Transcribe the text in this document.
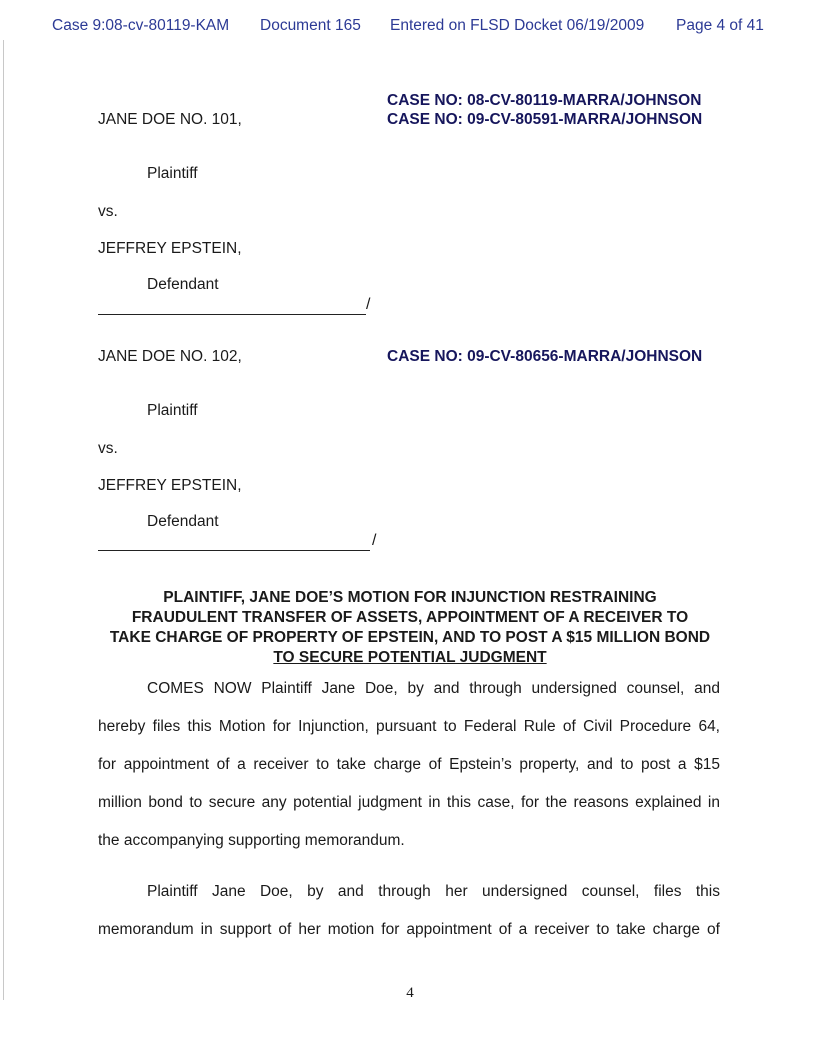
Case 9:08-cv-80119-KAM Document 165 Entered on FLSD Docket 06/19/2009 Page 4 of 41
CASE NO: 08-CV-80119-MARRA/JOHNSON
JANE DOE NO. 101,	CASE NO: 09-CV-80591-MARRA/JOHNSON
Plaintiff
vs.
JEFFREY EPSTEIN,
Defendant
/
JANE DOE NO. 102,	CASE NO: 09-CV-80656-MARRA/JOHNSON
Plaintiff
vs.
JEFFREY EPSTEIN,
Defendant
/
PLAINTIFF, JANE DOE’S MOTION FOR INJUNCTION RESTRAINING
FRAUDULENT TRANSFER OF ASSETS, APPOINTMENT OF A RECEIVER TO
TAKE CHARGE OF PROPERTY OF EPSTEIN, AND TO POST A $15 MILLION BOND
TO SECURE POTENTIAL JUDGMENT
COMES NOW Plaintiff Jane Doe, by and through undersigned counsel, and
hereby files this Motion for Injunction, pursuant to Federal Rule of Civil Procedure 64,
for appointment of a receiver to take charge of Epstein’s property, and to post a $15
million bond to secure any potential judgment in this case, for the reasons explained in
the accompanying supporting memorandum.
Plaintiff Jane Doe, by and through her undersigned counsel, files this
memorandum in support of her motion for appointment of a receiver to take charge of
4
